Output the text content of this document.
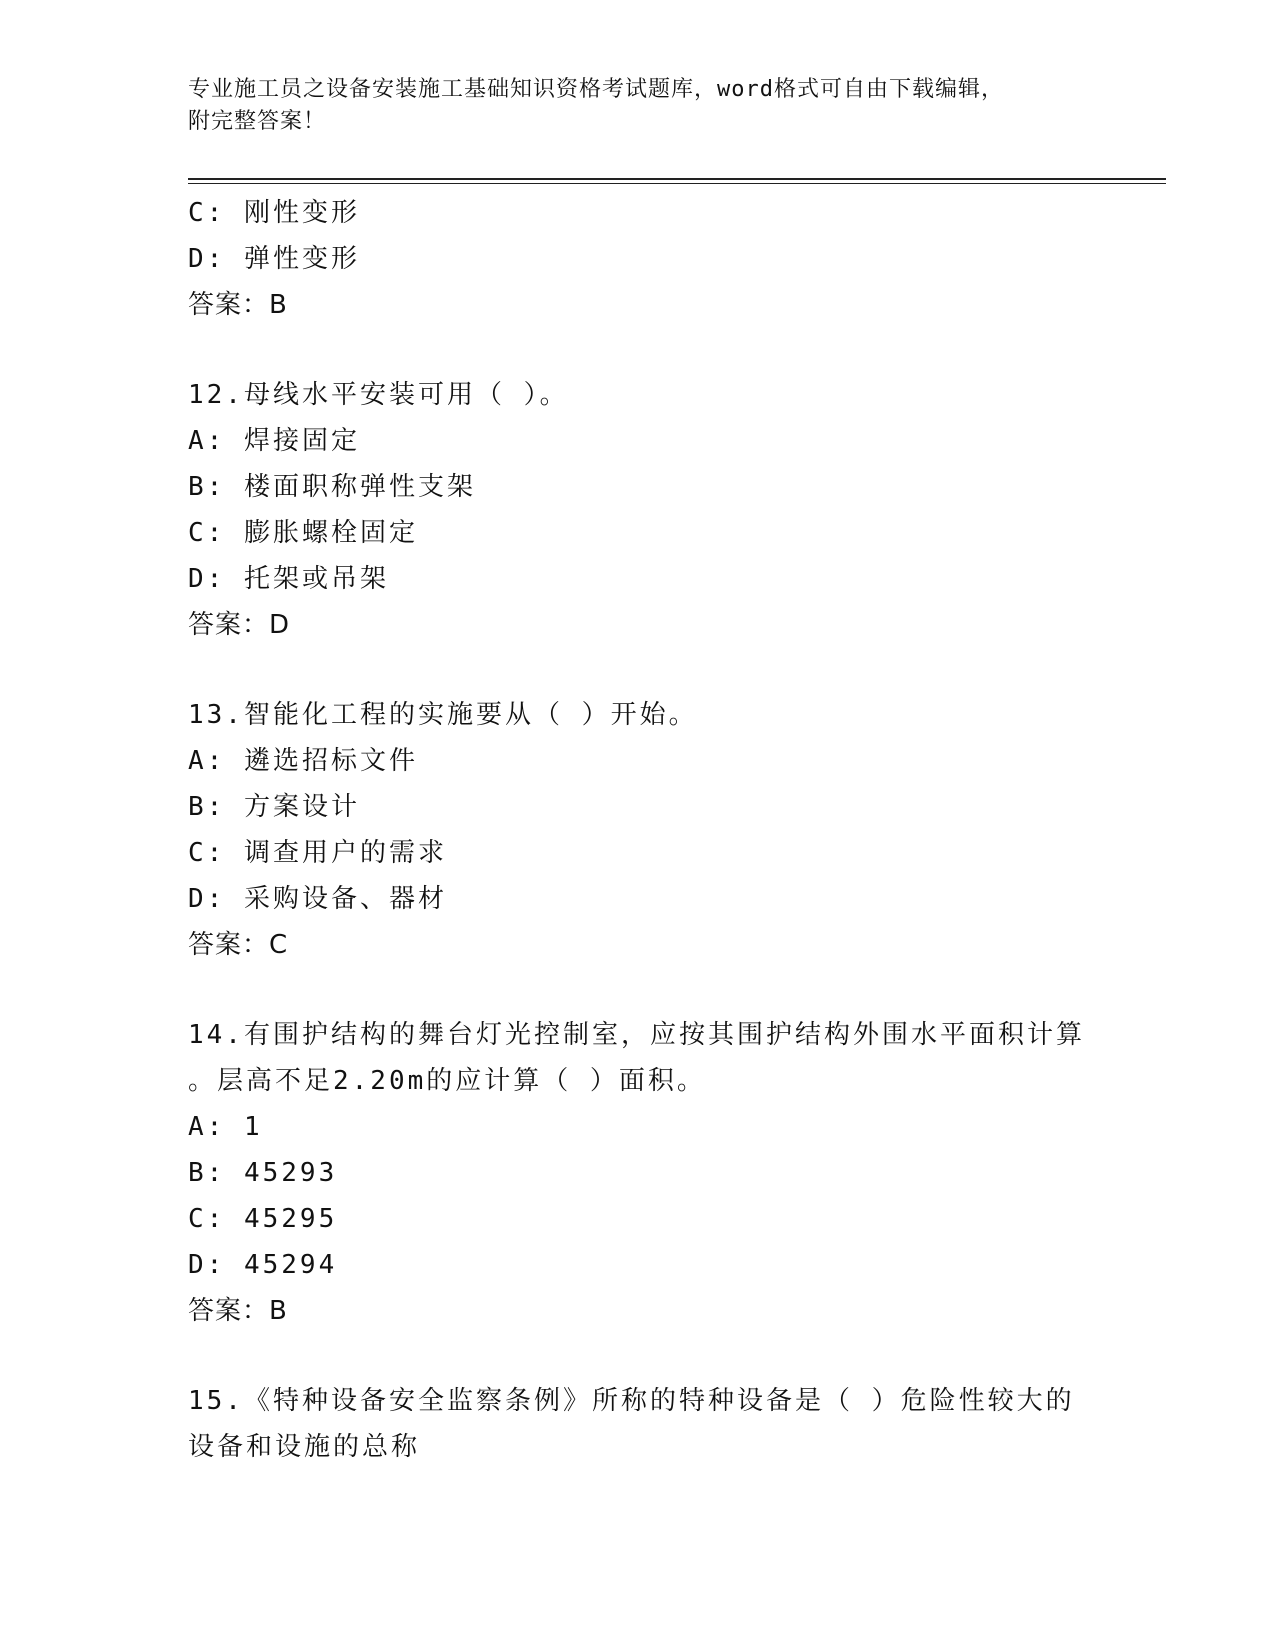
专业施工员之设备安装施工基础知识资格考试题库，word格式可自由下载编辑，
附完整答案！
C: 刚性变形
D: 弹性变形
答案：B
12.母线水平安装可用（ ）。
A: 焊接固定
B: 楼面职称弹性支架
C: 膨胀螺栓固定
D: 托架或吊架
答案：D
13.智能化工程的实施要从（ ）开始。
A: 遴选招标文件
B: 方案设计
C: 调查用户的需求
D: 采购设备、器材
答案：C
14.有围护结构的舞台灯光控制室，应按其围护结构外围水平面积计算
。层高不足2.20m的应计算（ ）面积。
A: 1
B: 45293
C: 45295
D: 45294
答案：B
15.《特种设备安全监察条例》所称的特种设备是（ ）危险性较大的
设备和设施的总称
